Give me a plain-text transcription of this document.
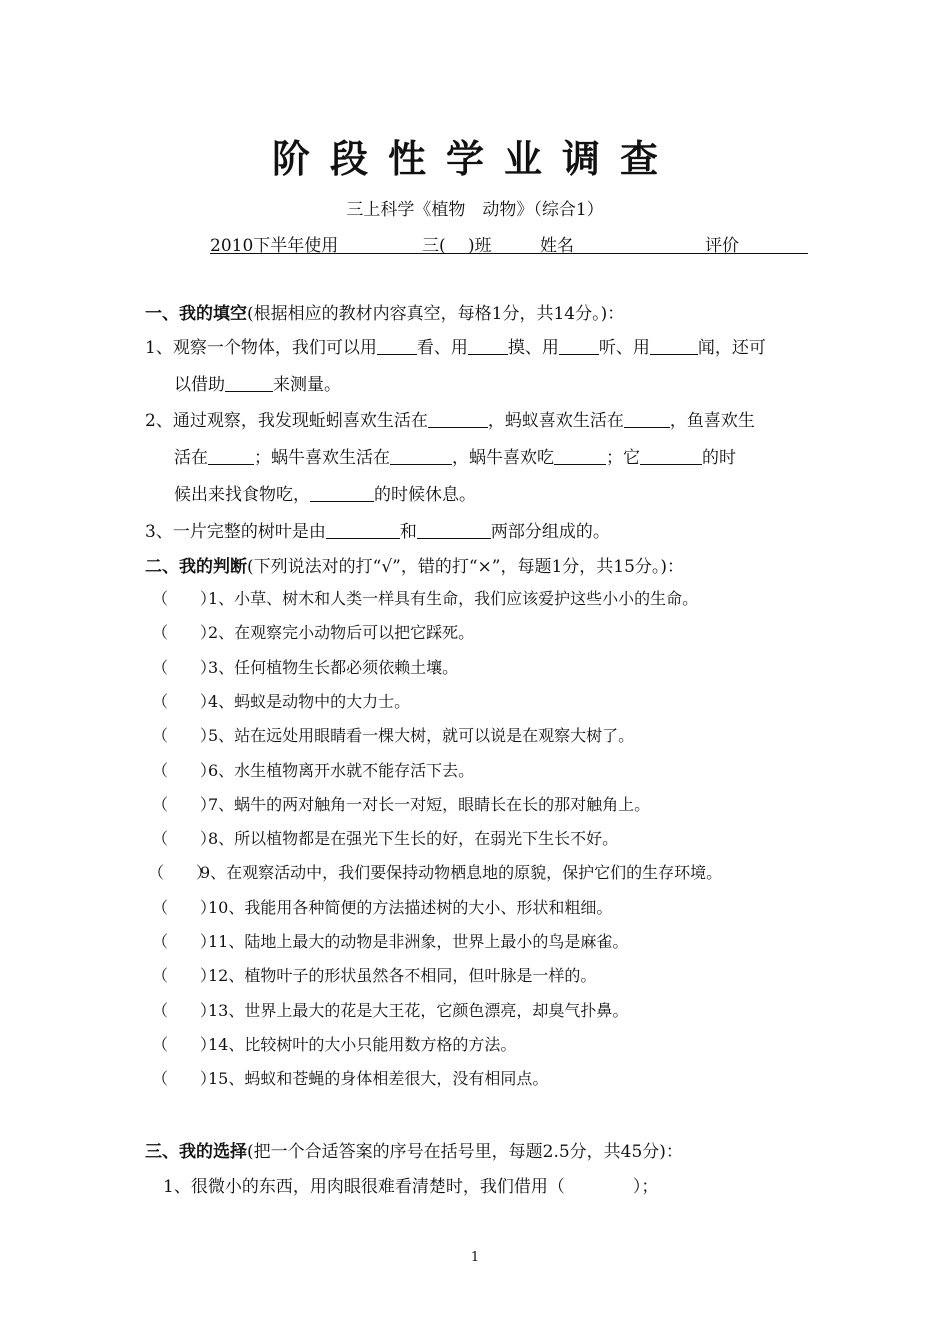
阶段性学业调查
三上科学《植物　动物》（综合1）
2010下半年使用	三(　 )班	姓名	评价
一、我的填空(根据相应的教材内容真空，每格1分，共14分。)：
1、观察一个物体，我们可以用 看、用 摸、用 听、用	闻，还可
以借助	来测量。
2、通过观察，我发现蚯蚓喜欢生活在	，蚂蚁喜欢生活在	，鱼喜欢生
活在	；蜗牛喜欢生活在	，蜗牛喜欢吃	；它	的时
候出来找食物吃，	的时候休息。
3、一片完整的树叶是由	和	两部分组成的。
二、我的判断(下列说法对的打“√”，错的打“×”，每题1分，共15分。)：
（　　）1、小草、树木和人类一样具有生命，我们应该爱护这些小小的生命。
（　　）2、在观察完小动物后可以把它踩死。
（　　）3、任何植物生长都必须依赖土壤。
（　　）4、蚂蚁是动物中的大力士。
（　　）5、站在远处用眼睛看一棵大树，就可以说是在观察大树了。
（　　）6、水生植物离开水就不能存活下去。
（　　）7、蜗牛的两对触角一对长一对短，眼睛长在长的那对触角上。
（　　）8、所以植物都是在强光下生长的好，在弱光下生长不好。
（　　）9、在观察活动中，我们要保持动物栖息地的原貌，保护它们的生存环境。
（　　）10、我能用各种简便的方法描述树的大小、形状和粗细。
（　　）11、陆地上最大的动物是非洲象，世界上最小的鸟是麻雀。
（　　）12、植物叶子的形状虽然各不相同，但叶脉是一样的。
（　　）13、世界上最大的花是大王花，它颜色漂亮，却臭气扑鼻。
（　　）14、比较树叶的大小只能用数方格的方法。
（　　）15、蚂蚁和苍蝇的身体相差很大，没有相同点。
三、我的选择(把一个合适答案的序号在括号里，每题2.5分，共45分)：
1、很微小的东西，用肉眼很难看清楚时，我们借用（　　　　）；
1
